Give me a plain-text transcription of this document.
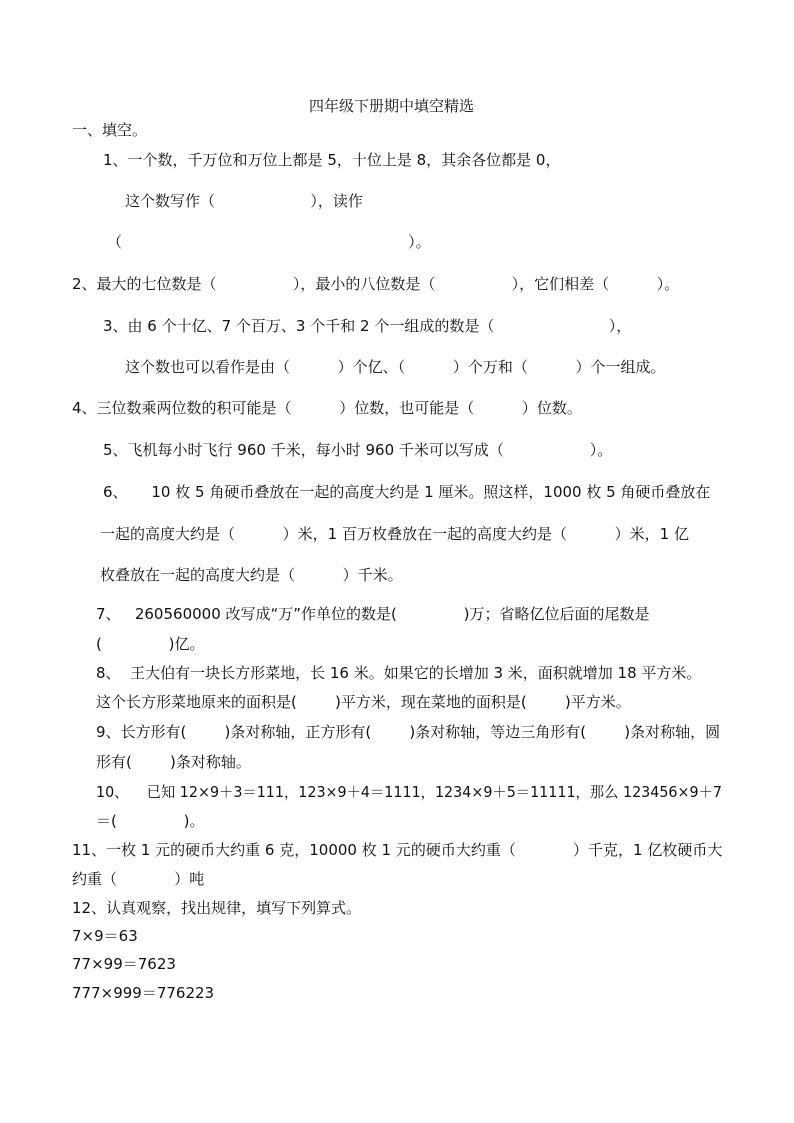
四年级下册期中填空精选
一、填空。
1、一个数，千万位和万位上都是 5，十位上是 8，其余各位都是 0，
这个数写作（                    ），读作
（                                                            ）。
2、最大的七位数是（                ），最小的八位数是（                ），它们相差（          ）。
3、由 6 个十亿、7 个百万、3 个千和 2 个一组成的数是（                        ），
这个数也可以看作是由（          ）个亿、（          ）个万和（          ）个一组成。
4、三位数乘两位数的积可能是（          ）位数，也可能是（          ）位数。
5、飞机每小时飞行 960 千米，每小时 960 千米可以写成（                  ）。
6、     10 枚 5 角硬币叠放在一起的高度大约是 1 厘米。照这样，1000 枚 5 角硬币叠放在
一起的高度大约是（          ）米，1 百万枚叠放在一起的高度大约是（          ）米，1 亿
枚叠放在一起的高度大约是（          ）千米。
7、   260560000 改写成“万”作单位的数是(              )万；省略亿位后面的尾数是
(              )亿。
8、  王大伯有一块长方形菜地，长 16 米。如果它的长增加 3 米，面积就增加 18 平方米。
这个长方形菜地原来的面积是(        )平方米，现在菜地的面积是(        )平方米。
9、长方形有(        )条对称轴，正方形有(        )条对称轴，等边三角形有(        )条对称轴，圆
形有(        )条对称轴。
10、    已知 12×9＋3＝111，123×9＋4＝1111，1234×9＋5＝11111，那么 123456×9＋7
＝(              )。
11、一枚 1 元的硬币大约重 6 克，10000 枚 1 元的硬币大约重（            ）千克，1 亿枚硬币大
约重（            ）吨
12、认真观察，找出规律，填写下列算式。
7×9＝63
77×99＝7623
777×999＝776223
